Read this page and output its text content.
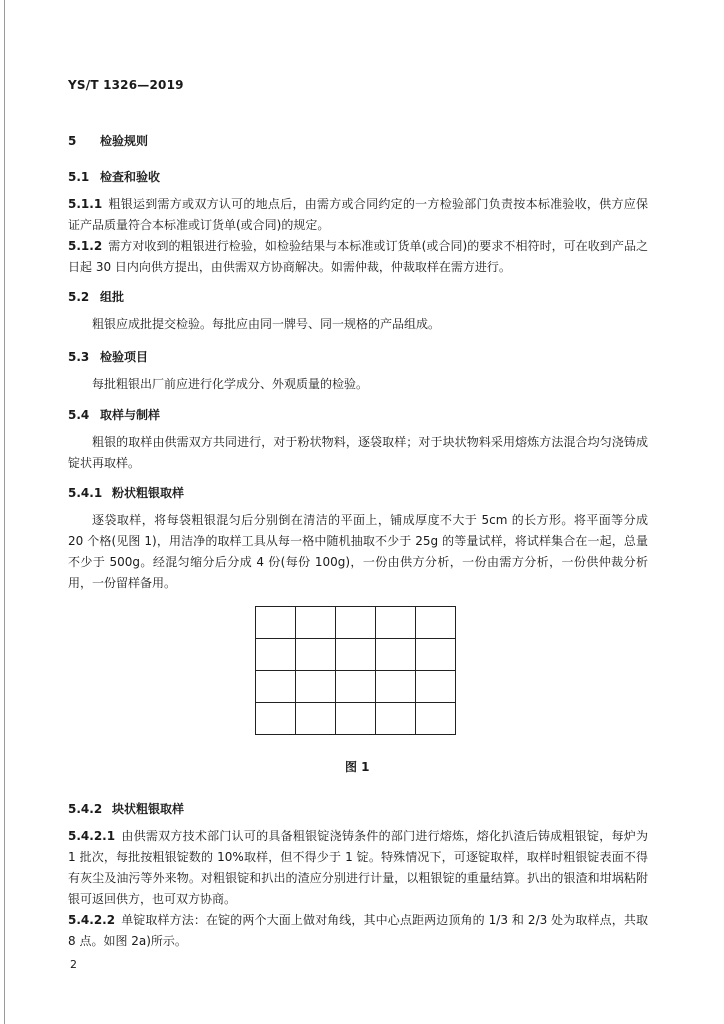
YS/T 1326—2019
5 检验规则
5.1 检查和验收
5.1.1 粗银运到需方或双方认可的地点后，由需方或合同约定的一方检验部门负责按本标准验收，供方应保证产品质量符合本标准或订货单(或合同)的规定。
5.1.2 需方对收到的粗银进行检验，如检验结果与本标准或订货单(或合同)的要求不相符时，可在收到产品之日起 30 日内向供方提出，由供需双方协商解决。如需仲裁，仲裁取样在需方进行。
5.2 组批
粗银应成批提交检验。每批应由同一牌号、同一规格的产品组成。
5.3 检验项目
每批粗银出厂前应进行化学成分、外观质量的检验。
5.4 取样与制样
粗银的取样由供需双方共同进行，对于粉状物料，逐袋取样；对于块状物料采用熔炼方法混合均匀浇铸成锭状再取样。
5.4.1 粉状粗银取样
逐袋取样，将每袋粗银混匀后分别倒在清洁的平面上，铺成厚度不大于 5cm 的长方形。将平面等分成 20 个格(见图 1)，用洁净的取样工具从每一格中随机抽取不少于 25g 的等量试样，将试样集合在一起，总量不少于 500g。经混匀缩分后分成 4 份(每份 100g)，一份由供方分析，一份由需方分析，一份供仲裁分析用，一份留样备用。
图 1
5.4.2 块状粗银取样
5.4.2.1 由供需双方技术部门认可的具备粗银锭浇铸条件的部门进行熔炼，熔化扒渣后铸成粗银锭，每炉为 1 批次，每批按粗银锭数的 10%取样，但不得少于 1 锭。特殊情况下，可逐锭取样，取样时粗银锭表面不得有灰尘及油污等外来物。对粗银锭和扒出的渣应分别进行计量，以粗银锭的重量结算。扒出的银渣和坩埚粘附银可返回供方，也可双方协商。
5.4.2.2 单锭取样方法：在锭的两个大面上做对角线，其中心点距两边顶角的 1/3 和 2/3 处为取样点，共取 8 点。如图 2a)所示。
2
